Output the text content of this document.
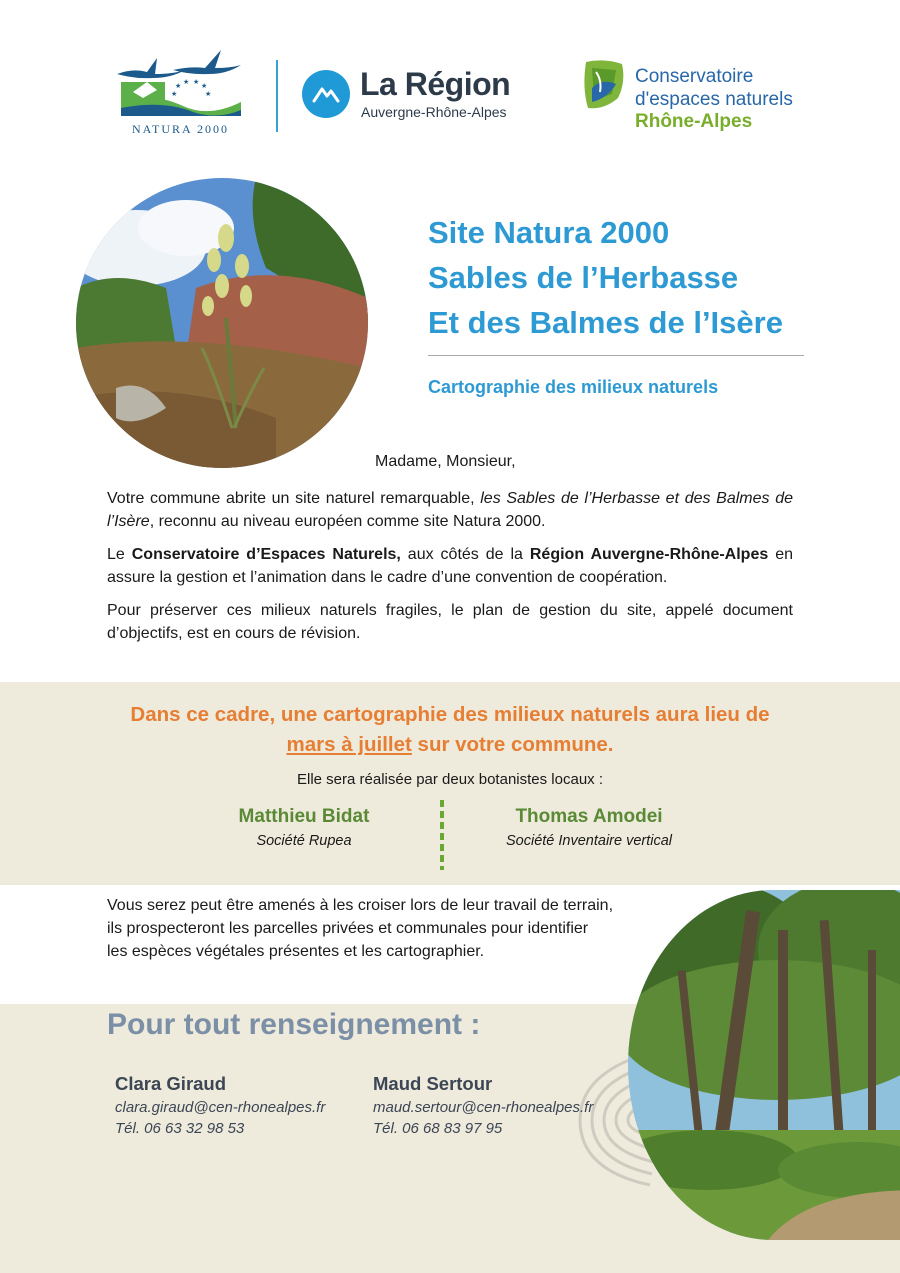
★ ★ ★ ★
★	★
NATURA 2000
La Région
Auvergne-Rhône-Alpes
Conservatoire
d'espaces naturels
Rhône-Alpes
Site Natura 2000
Sables de l’Herbasse
Et des Balmes de l’Isère
Cartographie des milieux naturels
Madame, Monsieur,

Votre commune abrite un site naturel remarquable, les Sables de l’Herbasse et des Balmes de l’Isère, reconnu au niveau européen comme site Natura 2000.

Le Conservatoire d’Espaces Naturels, aux côtés de la Région Auvergne-Rhône-Alpes en assure la gestion et l’animation dans le cadre d’une convention de coopération.

Pour préserver ces milieux naturels fragiles, le plan de gestion du site, appelé document d’objectifs, est en cours de révision.

Dans ce cadre, une cartographie des milieux naturels aura lieu de
mars à juillet sur votre commune.
Elle sera réalisée par deux botanistes locaux :
Matthieu Bidat
Société Rupea
Thomas Amodei
Société Inventaire vertical
Vous serez peut être amenés à les croiser lors de leur travail de terrain,
ils prospecteront les parcelles privées et communales pour identifier
les espèces végétales présentes et les cartographier.
Pour tout renseignement :
Clara Giraud
clara.giraud@cen-rhonealpes.fr
Tél. 06 63 32 98 53
Maud Sertour
maud.sertour@cen-rhonealpes.fr
Tél. 06 68 83 97 95
